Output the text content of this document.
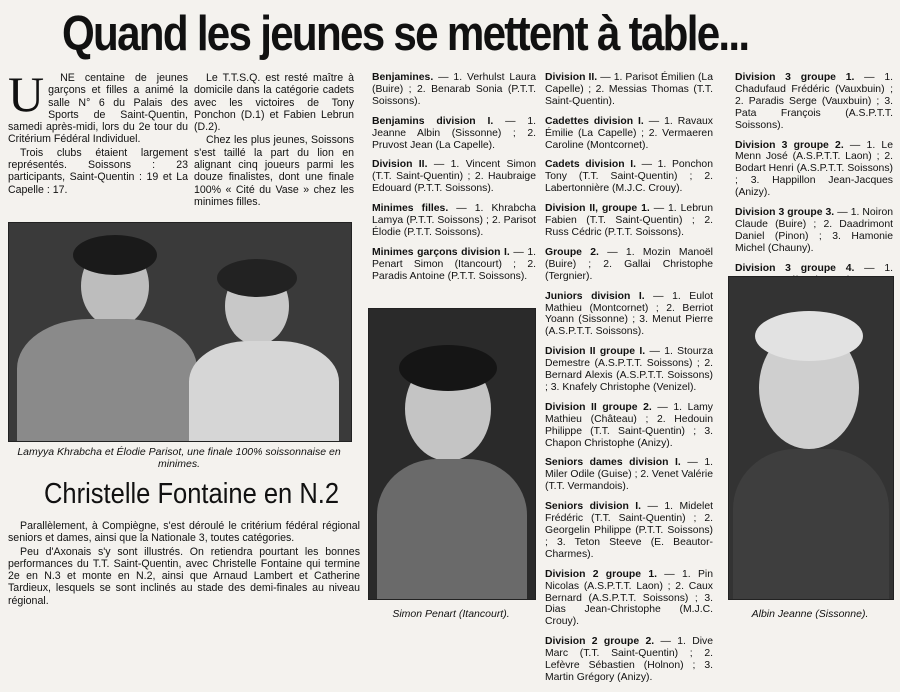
Quand les jeunes se mettent à table...
U	NE centaine de jeunes garçons et filles a animé la salle N° 6 du Palais des Sports de Saint-Quentin, samedi après-midi, lors du 2e tour du Critérium Fédéral Individuel.

Trois clubs étaient largement représentés. Soissons : 23 participants, Saint-Quentin : 19 et La Capelle : 17.

Le T.T.S.Q. est resté maître à domicile dans la catégorie cadets avec les victoires de Tony Ponchon (D.1) et Fabien Lebrun (D.2).

Chez les plus jeunes, Soissons s'est taillé la part du lion en alignant cinq joueurs parmi les douze finalistes, dont une finale 100% « Cité du Vase » chez les minimes filles.

Lamyya Khrabcha et Élodie Parisot, une finale 100% soissonnaise en minimes.
Christelle Fontaine en N.2

Parallèlement, à Compiègne, s'est déroulé le critérium fédéral régional seniors et dames, ainsi que la Nationale 3, toutes catégories.

Peu d'Axonais s'y sont illustrés. On retiendra pourtant les bonnes performances du T.T. Saint-Quentin, avec Christelle Fontaine qui termine 2e en N.3 et monte en N.2, ainsi que Arnaud Lambert et Catherine Tardieux, lesquels se sont inclinés au stade des demi-finales au niveau régional.

Benjamines. — 1. Verhulst Laura (Buire) ; 2. Benarab Sonia (P.T.T. Soissons).

Benjamins division I. — 1. Jeanne Albin (Sissonne) ; 2. Pruvost Jean (La Capelle).

Division II. — 1. Vincent Simon (T.T. Saint-Quentin) ; 2. Haubraige Edouard (P.T.T. Soissons).

Minimes filles. — 1. Khrabcha Lamya (P.T.T. Soissons) ; 2. Parisot Élodie (P.T.T. Soissons).

Minimes garçons division I. — 1. Penart Simon (Itancourt) ; 2. Paradis Antoine (P.T.T. Soissons).

Simon Penart (Itancourt).

Division II. — 1. Parisot Émilien (La Capelle) ; 2. Messias Thomas (T.T. Saint-Quentin).

Cadettes division I. — 1. Ravaux Émilie (La Capelle) ; 2. Vermaeren Caroline (Montcornet).

Cadets division I. — 1. Ponchon Tony (T.T. Saint-Quentin) ; 2. Labertonnière (M.J.C. Crouy).

Division II, groupe 1. — 1. Lebrun Fabien (T.T. Saint-Quentin) ; 2. Russ Cédric (P.T.T. Soissons).

Groupe 2. — 1. Mozin Manoël (Buire) ; 2. Gallai Christophe (Tergnier).

Juniors division I. — 1. Eulot Mathieu (Montcornet) ; 2. Berriot Yoann (Sissonne) ; 3. Menut Pierre (A.S.P.T.T. Soissons).

Division II groupe I. — 1. Stourza Demestre (A.S.P.T.T. Soissons) ; 2. Bernard Alexis (A.S.P.T.T. Soissons) ; 3. Knafely Christophe (Venizel).

Division II groupe 2. — 1. Lamy Mathieu (Château) ; 2. Hedouin Philippe (T.T. Saint-Quentin) ; 3. Chapon Christophe (Anizy).

Seniors dames division I. — 1. Miler Odile (Guise) ; 2. Venet Valérie (T.T. Vermandois).

Seniors division I. — 1. Midelet Frédéric (T.T. Saint-Quentin) ; 2. Georgelin Philippe (P.T.T. Soissons) ; 3. Teton Steeve (E. Beautor-Charmes).

Division 2 groupe 1. — 1. Pin Nicolas (A.S.P.T.T. Laon) ; 2. Caux Bernard (A.S.P.T.T. Soissons) ; 3. Dias Jean-Christophe (M.J.C. Crouy).

Division 2 groupe 2. — 1. Dive Marc (T.T. Saint-Quentin) ; 2. Lefèvre Sébastien (Holnon) ; 3. Martin Grégory (Anizy).

Division 3 groupe 1. — 1. Chadufaud Frédéric (Vauxbuin) ; 2. Paradis Serge (Vauxbuin) ; 3. Pata François (A.S.P.T.T. Soissons).

Division 3 groupe 2. — 1. Le Menn José (A.S.P.T.T. Laon) ; 2. Bodart Henri (A.S.P.T.T. Soissons) ; 3. Happillon Jean-Jacques (Anizy).

Division 3 groupe 3. — 1. Noiron Claude (Buire) ; 2. Daadrimont Daniel (Pinon) ; 3. Hamonie Michel (Chauny).

Division 3 groupe 4. — 1.

Albin Jeanne (Sissonne).
